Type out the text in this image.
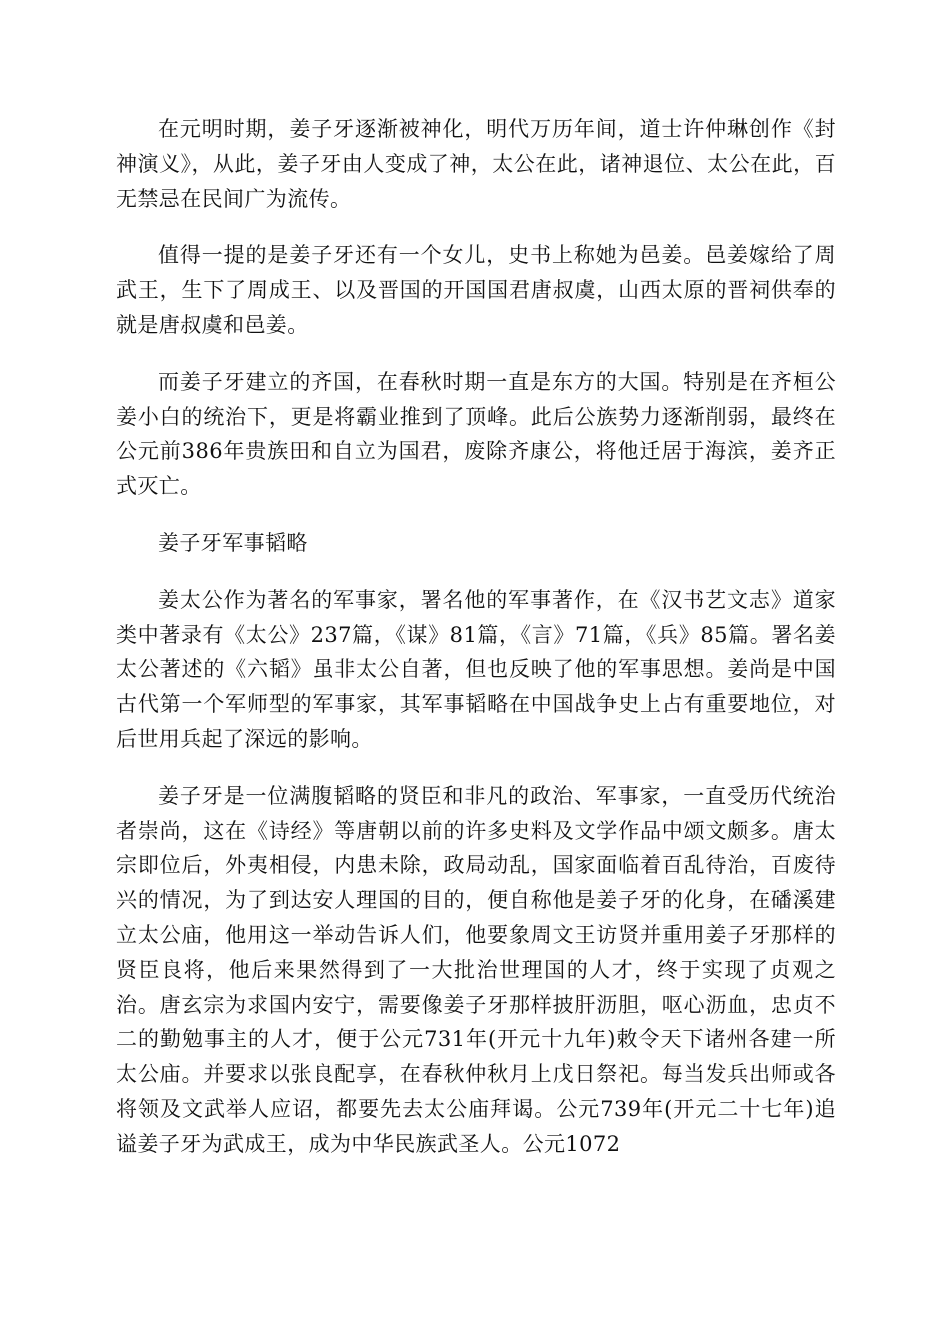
在元明时期，姜子牙逐渐被神化，明代万历年间，道士许仲琳创作《封神演义》，从此，姜子牙由人变成了神，太公在此，诸神退位、太公在此，百无禁忌在民间广为流传。

值得一提的是姜子牙还有一个女儿，史书上称她为邑姜。邑姜嫁给了周武王，生下了周成王、以及晋国的开国国君唐叔虞，山西太原的晋祠供奉的就是唐叔虞和邑姜。

而姜子牙建立的齐国，在春秋时期一直是东方的大国。特别是在齐桓公姜小白的统治下，更是将霸业推到了顶峰。此后公族势力逐渐削弱，最终在公元前386年贵族田和自立为国君，废除齐康公，将他迁居于海滨，姜齐正式灭亡。

姜子牙军事韬略

姜太公作为著名的军事家，署名他的军事著作，在《汉书艺文志》道家类中著录有《太公》237篇，《谋》81篇，《言》71篇，《兵》85篇。署名姜太公著述的《六韬》虽非太公自著，但也反映了他的军事思想。姜尚是中国古代第一个军师型的军事家，其军事韬略在中国战争史上占有重要地位，对后世用兵起了深远的影响。

姜子牙是一位满腹韬略的贤臣和非凡的政治、军事家，一直受历代统治者崇尚，这在《诗经》等唐朝以前的许多史料及文学作品中颂文颇多。唐太宗即位后，外夷相侵，内患未除，政局动乱，国家面临着百乱待治，百废待兴的情况，为了到达安人理国的目的，便自称他是姜子牙的化身，在磻溪建立太公庙，他用这一举动告诉人们，他要象周文王访贤并重用姜子牙那样的贤臣良将，他后来果然得到了一大批治世理国的人才，终于实现了贞观之治。唐玄宗为求国内安宁，需要像姜子牙那样披肝沥胆，呕心沥血，忠贞不二的勤勉事主的人才，便于公元731年(开元十九年)敕令天下诸州各建一所太公庙。并要求以张良配享，在春秋仲秋月上戊日祭祀。每当发兵出师或各将领及文武举人应诏，都要先去太公庙拜谒。公元739年(开元二十七年)追谥姜子牙为武成王，成为中华民族武圣人。公元1072
